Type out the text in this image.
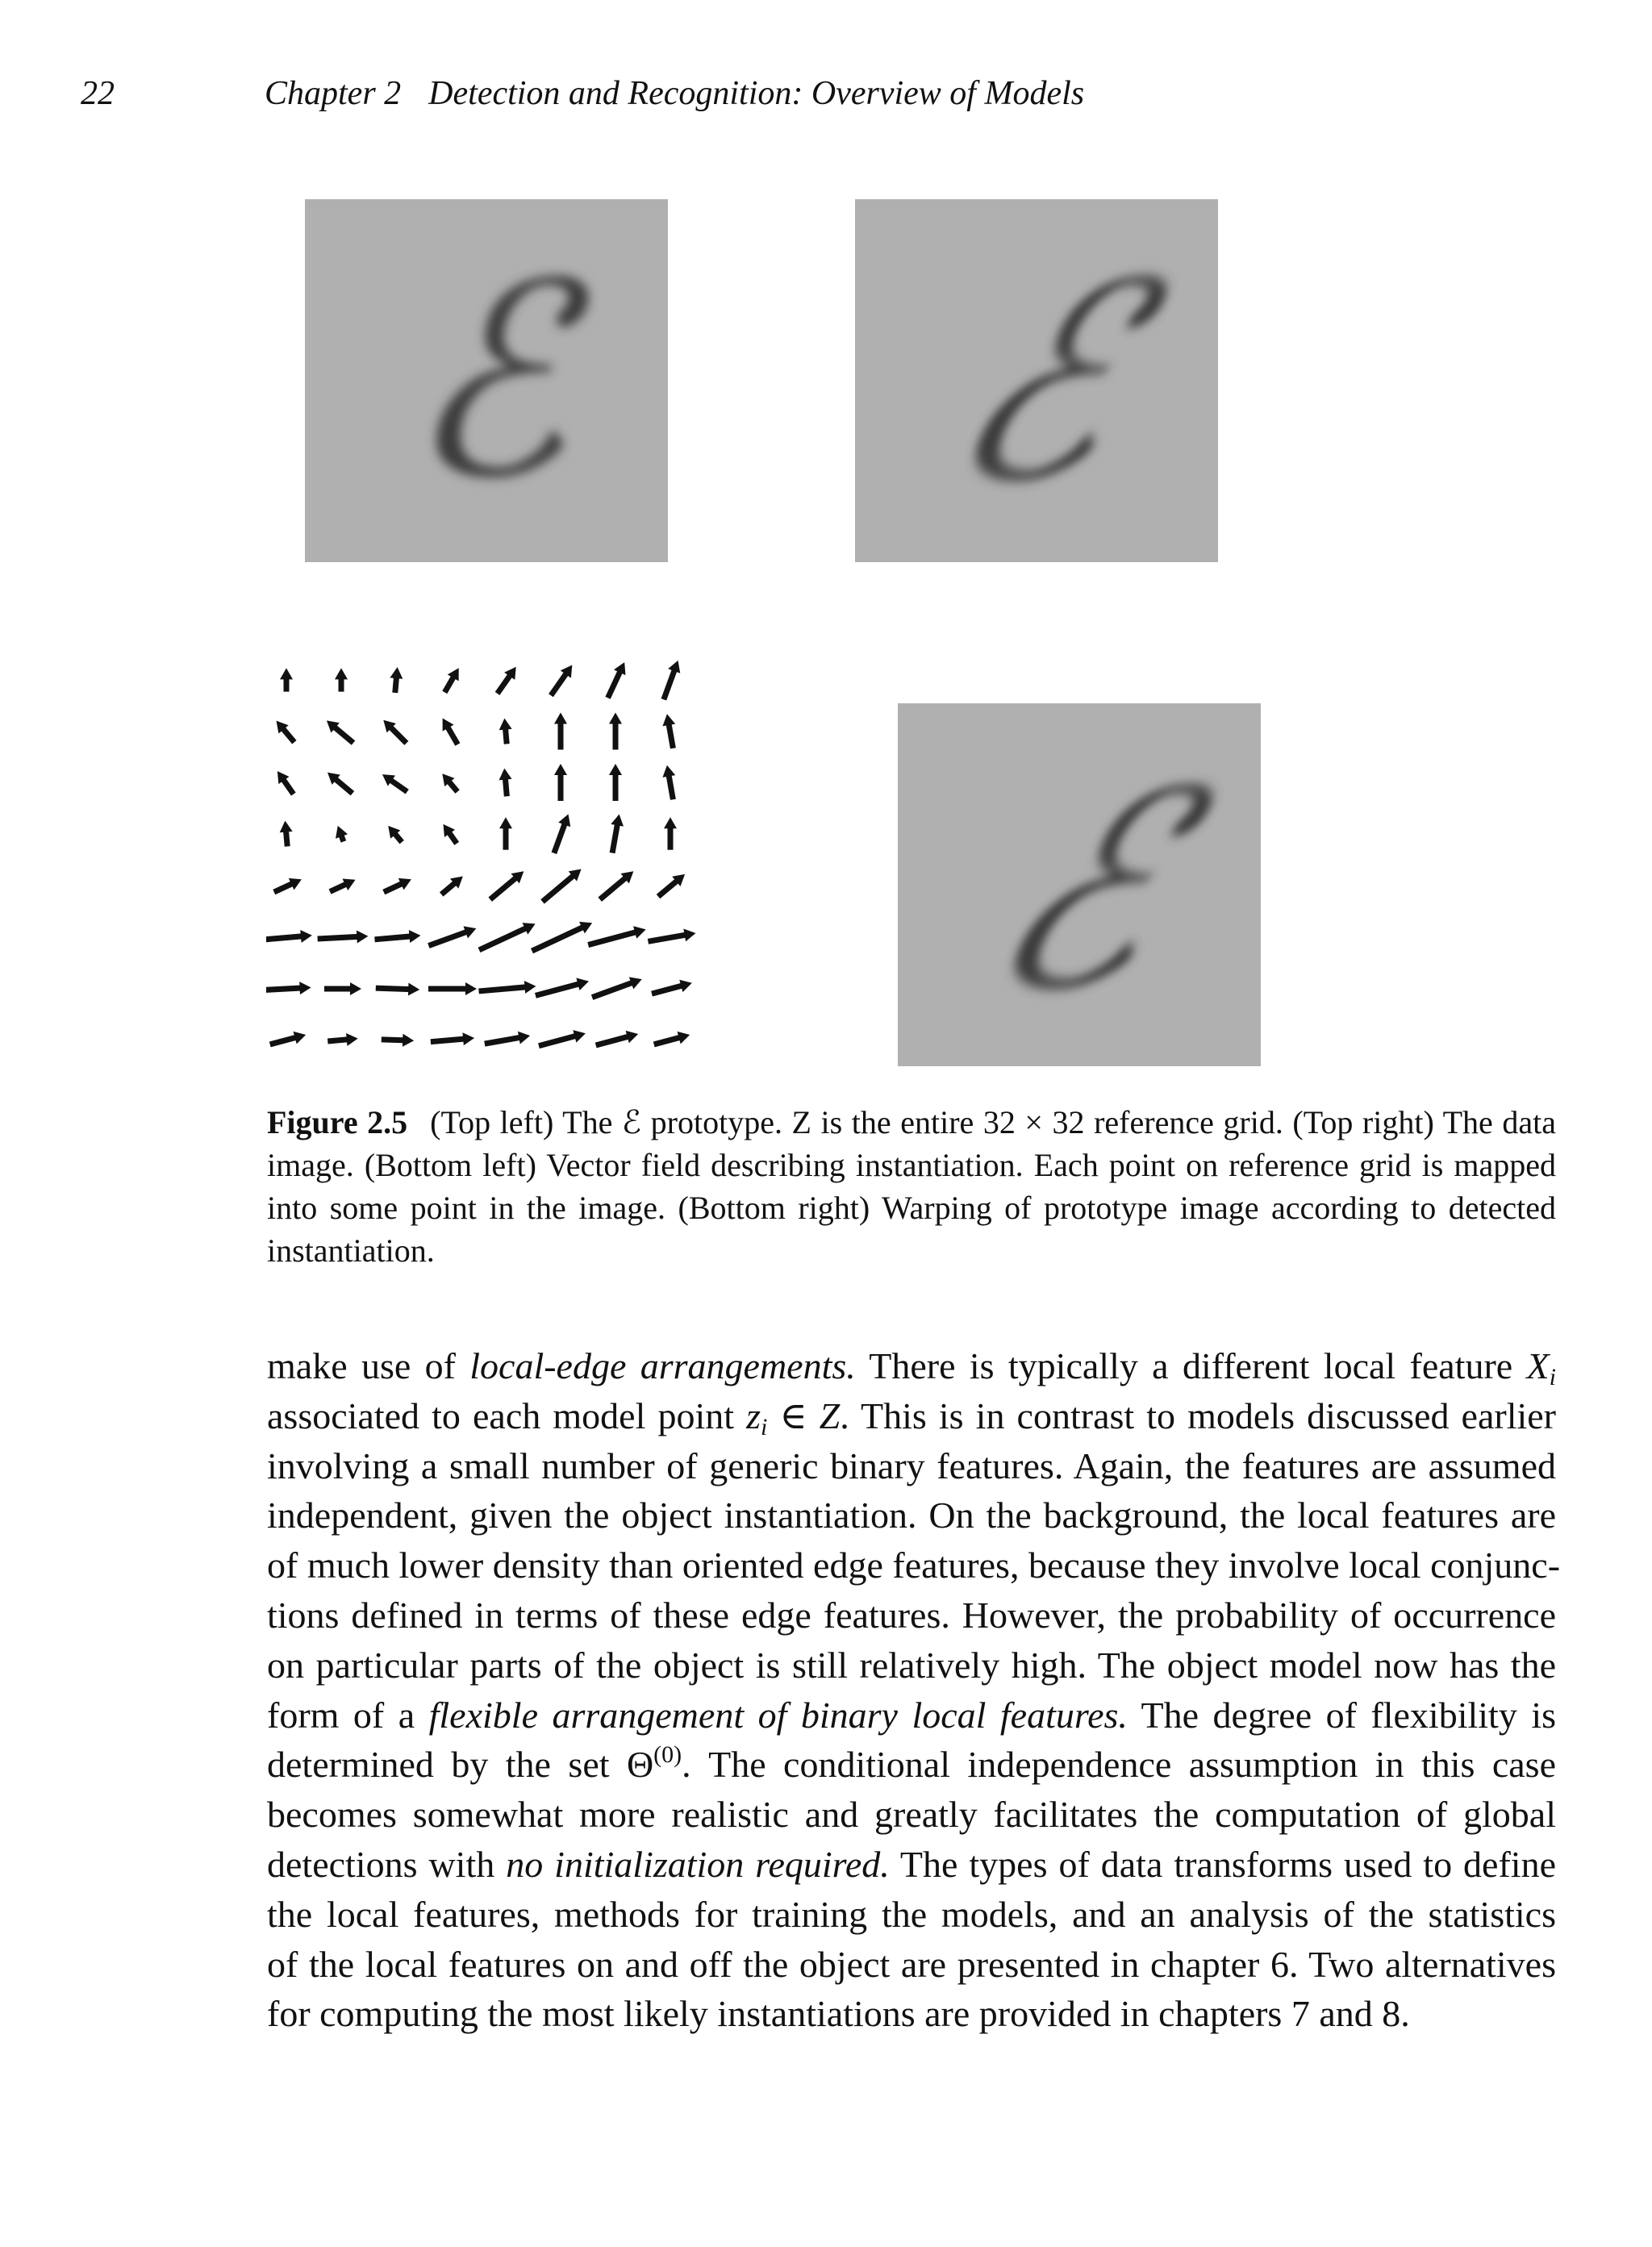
22	Chapter 2 Detection and Recognition: Overview of Models
ℰ ℰ
ℰ
Figure 2.5 (Top left) The ℰ prototype. Z is the entire 32 × 32 reference grid. (Top right) The data image. (Bottom left) Vector field describing instantiation. Each point on reference grid is mapped into some point in the image. (Bottom right) Warping of prototype image according to detected instantiation.
make use of local-edge arrangements. There is typically a different local feature $X_i$
associated to each model point $z_i$ ∈ Z. This is in contrast to models discussed earlier
involving a small number of generic binary features. Again, the features are assumed
independent, given the object instantiation. On the background, the local features are
of much lower density than oriented edge features, because they involve local conjunc-
tions defined in terms of these edge features. However, the probability of occurrence
on particular parts of the object is still relatively high. The object model now has the
form of a flexible arrangement of binary local features. The degree of flexibility is
determined by the set $\Theta^{(0)}$. The conditional independence assumption in this case
becomes somewhat more realistic and greatly facilitates the computation of global
detections with no initialization required. The types of data transforms used to define
the local features, methods for training the models, and an analysis of the statistics
of the local features on and off the object are presented in chapter 6. Two alternatives
for computing the most likely instantiations are provided in chapters 7 and 8.
